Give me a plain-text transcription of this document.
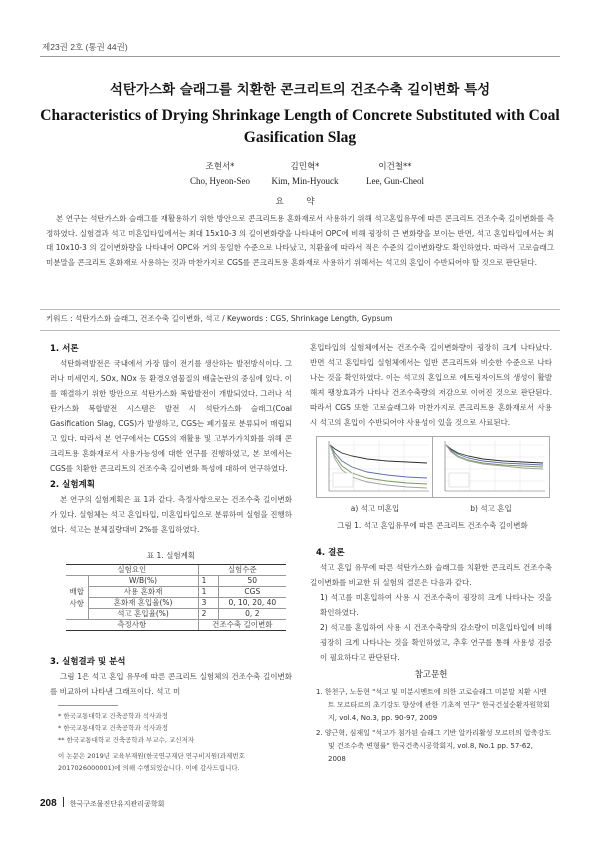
제23권 2호 (통권 44권)
석탄가스화 슬래그를 치환한 콘크리트의 건조수축 길이변화 특성
Characteristics of Drying Shrinkage Length of Concrete Substituted with Coal Gasification Slag
조현서*
Cho, Hyeon-Seo
김민혁*
Kim, Min-Hyouck
이건철**
Lee, Gun-Cheol
요 약
본 연구는 석탄가스화 슬래그를 재활용하기 위한 방안으로 콘크리트용 혼화재로서 사용하기 위해 석고혼입유무에 따른 콘크리트 건조수축 길이변화를 측정하였다. 실험결과 석고 미혼입타입에서는 최대 15x10-3 의 길이변화량을 나타내어 OPC에 비해 굉장히 큰 변화량을 보이는 반면, 석고 혼입타입에서는 최대 10x10-3 의 길이변화량을 나타내어 OPC와 거의 동일한 수준으로 나타났고, 치환율에 따라서 적은 수준의 길이변화량도 확인하였다. 따라서 고로슬래그 미분말을 콘크리트 혼화재로 사용하는 것과 마찬가지로 CGS를 콘크리트용 혼화재로 사용하기 위해서는 석고의 혼입이 수반되어야 할 것으로 판단된다.
키워드 : 석탄가스화 슬래그, 건조수축 길이변화, 석고 / Keywords : CGS, Shrinkage Length, Gypsum
1. 서론

석탄화력발전은 국내에서 가장 많이 전기를 생산하는 발전방식이다. 그러나 미세먼지, SOx, NOx 등 환경오염물질의 배출논란의 중심에 있다. 이를 해결하기 위한 방안으로 석탄가스화 복합발전이 개발되었다. 그러나 석탄가스화 복합발전 시스템은 발전 시 석탄가스화 슬래그(Coal Gasification Slag, CGS)가 발생하고, CGS는 폐기물로 분류되어 매립되고 있다. 따라서 본 연구에서는 CGS의 재활용 및 고부가가치화를 위해 콘크리트용 혼화재로서 사용가능성에 대한 연구를 진행하였고, 본 보에서는 CGS를 치환한 콘크리트의 건조수축 길이변화 특성에 대하여 연구하였다.

2. 실험계획

본 연구의 실험계획은 표 1과 같다. 측정사항으로는 건조수축 길이변화가 있다. 실험체는 석고 혼입타입, 미혼입타입으로 분류하여 실험을 진행하였다. 석고는 분체질량대비 2%를 혼입하였다.

표 1. 실험계획
실험요인		실험수준	
배합사항	W/B(%)	1	50
	사용 혼화재	1	CGS
	혼화재 혼입율(%)	3	0, 10, 20, 40
	석고 혼입율(%)	2	0, 2
측정사항		건조수축 길이변화	
3. 실험결과 및 분석

그림 1은 석고 혼입 유무에 따른 콘크리트 실험체의 건조수축 길이변화를 비교하여 나타낸 그래프이다. 석고 미

* 한국교통대학교 건축공학과 석사과정
* 한국교통대학교 건축공학과 석사과정
** 한국교통대학교 건축공학과 부교수, 교신저자
이 논문은 2019년 교육부재원(한국연구재단 연구비지원(과제번호
2017026000001)에 의해 수행되었습니다. 이에 감사드립니다.

혼입타입의 실험체에서는 건조수축 길이변화량이 굉장히 크게 나타났다. 반면 석고 혼입타입 실험체에서는 일반 콘크리트와 비슷한 수준으로 나타나는 것을 확인하였다. 이는 석고의 혼입으로 에트링자이트의 생성이 활발해져 팽창효과가 나타나 건조수축량의 저감으로 이어진 것으로 판단된다. 따라서 CGS 또한 고로슬래그와 마찬가지로 콘크리트용 혼화재로서 사용 시 석고의 혼입이 수반되어야 사용성이 있을 것으로 사료된다.

a) 석고 미혼입	b) 석고 혼입
그림 1. 석고 혼입유무에 따른 콘크리트 건조수축 길이변화
4. 결론

석고 혼입 유무에 따른 석탄가스화 슬래그를 치환한 콘크리트 건조수축 길이변화를 비교한 뒤 실험의 결론은 다음과 같다.

1) 석고를 미혼입하여 사용 시 건조수축이 굉장히 크게 나타나는 것을 확인하였다.

2) 석고를 혼입하여 사용 시 건조수축량의 감소량이 미혼입타입에 비해 굉장히 크게 나타나는 것을 확인하였고, 추후 연구를 통해 사용성 검증이 필요하다고 판단된다.

참고문헌
1. 한천구, 노동현 "석고 및 미분시멘트에 의한 고로슬래그 미분말 치환 시멘트 모르타르의 초기강도 향상에 관한 기초적 연구" 한국건설순환자원학회지, vol.4, No.3, pp. 90-97, 2009
2. 양근혁, 심재일 "석고가 첨가된 슬래그 기반 알카리활성 모르터의 압축강도 및 건조수축 변형률" 한국건축시공학회지, vol.8, No.1 pp. 57-62, 2008
208 한국구조물진단유지관리공학회
